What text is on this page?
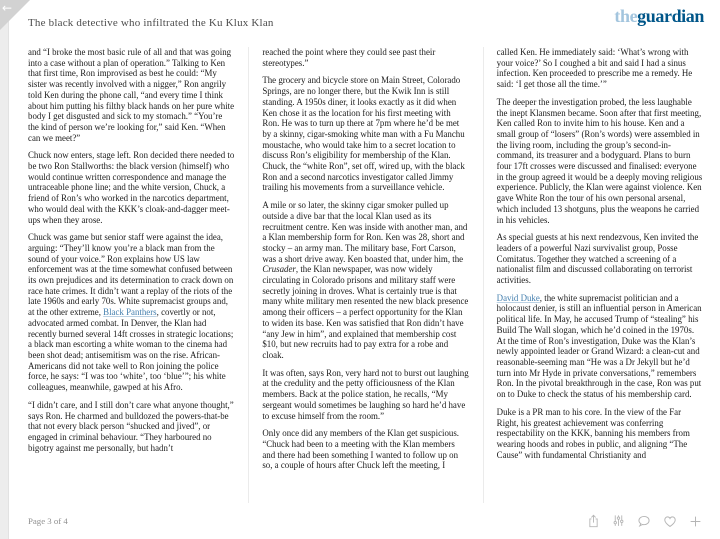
←
The black detective who infiltrated the Ku Klux Klan	theguardian

and “I broke the most basic rule of all and that was going into a case without a plan of operation.” Talking to Ken that first time, Ron improvised as best he could: “My sister was recently involved with a nigger,” Ron angrily told Ken during the phone call, “and every time I think about him putting his filthy black hands on her pure white body I get disgusted and sick to my stomach.” “You’re the kind of person we’re looking for,” said Ken. “When can we meet?”

Chuck now enters, stage left. Ron decided there needed to be two Ron Stallworths: the black version (himself) who would continue written correspondence and manage the untraceable phone line; and the white version, Chuck, a friend of Ron’s who worked in the narcotics department, who would deal with the KKK’s cloak-and-dagger meet-ups when they arose.

Chuck was game but senior staff were against the idea, arguing: “They’ll know you’re a black man from the sound of your voice.” Ron explains how US law enforcement was at the time somewhat confused between its own prejudices and its determination to crack down on race hate crimes. It didn’t want a replay of the riots of the late 1960s and early 70s. White supremacist groups and, at the other extreme, Black Panthers, covertly or not, advocated armed combat. In Denver, the Klan had recently burned several 14ft crosses in strategic locations; a black man escorting a white woman to the cinema had been shot dead; antisemitism was on the rise. African-Americans did not take well to Ron joining the police force, he says: “I was too ‘white’, too ‘blue’”; his white colleagues, meanwhile, gawped at his Afro.

“I didn’t care, and I still don’t care what anyone thought,” says Ron. He charmed and bulldozed the powers-that-be that not every black person “shucked and jived”, or engaged in criminal behaviour. “They harboured no bigotry against me personally, but hadn’t

reached the point where they could see past their stereotypes.”

The grocery and bicycle store on Main Street, Colorado Springs, are no longer there, but the Kwik Inn is still standing. A 1950s diner, it looks exactly as it did when Ken chose it as the location for his first meeting with Ron. He was to turn up there at 7pm where he’d be met by a skinny, cigar-smoking white man with a Fu Manchu moustache, who would take him to a secret location to discuss Ron’s eligibility for membership of the Klan. Chuck, the “white Ron”, set off, wired up, with the black Ron and a second narcotics investigator called Jimmy trailing his movements from a surveillance vehicle.

A mile or so later, the skinny cigar smoker pulled up outside a dive bar that the local Klan used as its recruitment centre. Ken was inside with another man, and a Klan membership form for Ron. Ken was 28, short and stocky – an army man. The military base, Fort Carson, was a short drive away. Ken boasted that, under him, the Crusader, the Klan newspaper, was now widely circulating in Colorado prisons and military staff were secretly joining in droves. What is certainly true is that many white military men resented the new black presence among their officers – a perfect opportunity for the Klan to widen its base. Ken was satisfied that Ron didn’t have “any Jew in him”, and explained that membership cost $10, but new recruits had to pay extra for a robe and cloak.

It was often, says Ron, very hard not to burst out laughing at the credulity and the petty officiousness of the Klan members. Back at the police station, he recalls, “My sergeant would sometimes be laughing so hard he’d have to excuse himself from the room.”

Only once did any members of the Klan get suspicious. “Chuck had been to a meeting with the Klan members and there had been something I wanted to follow up on so, a couple of hours after Chuck left the meeting, I

called Ken. He immediately said: ‘What’s wrong with your voice?’ So I coughed a bit and said I had a sinus infection. Ken proceeded to prescribe me a remedy. He said: ‘I get those all the time.’”

The deeper the investigation probed, the less laughable the inept Klansmen became. Soon after that first meeting, Ken called Ron to invite him to his house. Ken and a small group of “losers” (Ron’s words) were assembled in the living room, including the group’s second-in-command, its treasurer and a bodyguard. Plans to burn four 17ft crosses were discussed and finalised: everyone in the group agreed it would be a deeply moving religious experience. Publicly, the Klan were against violence. Ken gave White Ron the tour of his own personal arsenal, which included 13 shotguns, plus the weapons he carried in his vehicles.

As special guests at his next rendezvous, Ken invited the leaders of a powerful Nazi survivalist group, Posse Comitatus. Together they watched a screening of a nationalist film and discussed collaborating on terrorist activities.

David Duke, the white supremacist politician and a holocaust denier, is still an influential person in American political life. In May, he accused Trump of “stealing” his Build The Wall slogan, which he’d coined in the 1970s. At the time of Ron’s investigation, Duke was the Klan’s newly appointed leader or Grand Wizard: a clean-cut and reasonable-seeming man “He was a Dr Jekyll but he’d turn into Mr Hyde in private conversations,” remembers Ron. In the pivotal breakthrough in the case, Ron was put on to Duke to check the status of his membership card.

Duke is a PR man to his core. In the view of the Far Right, his greatest achievement was conferring respectability on the KKK, banning his members from wearing hoods and robes in public, and aligning “The Cause” with fundamental Christianity and

Page 3 of 4
